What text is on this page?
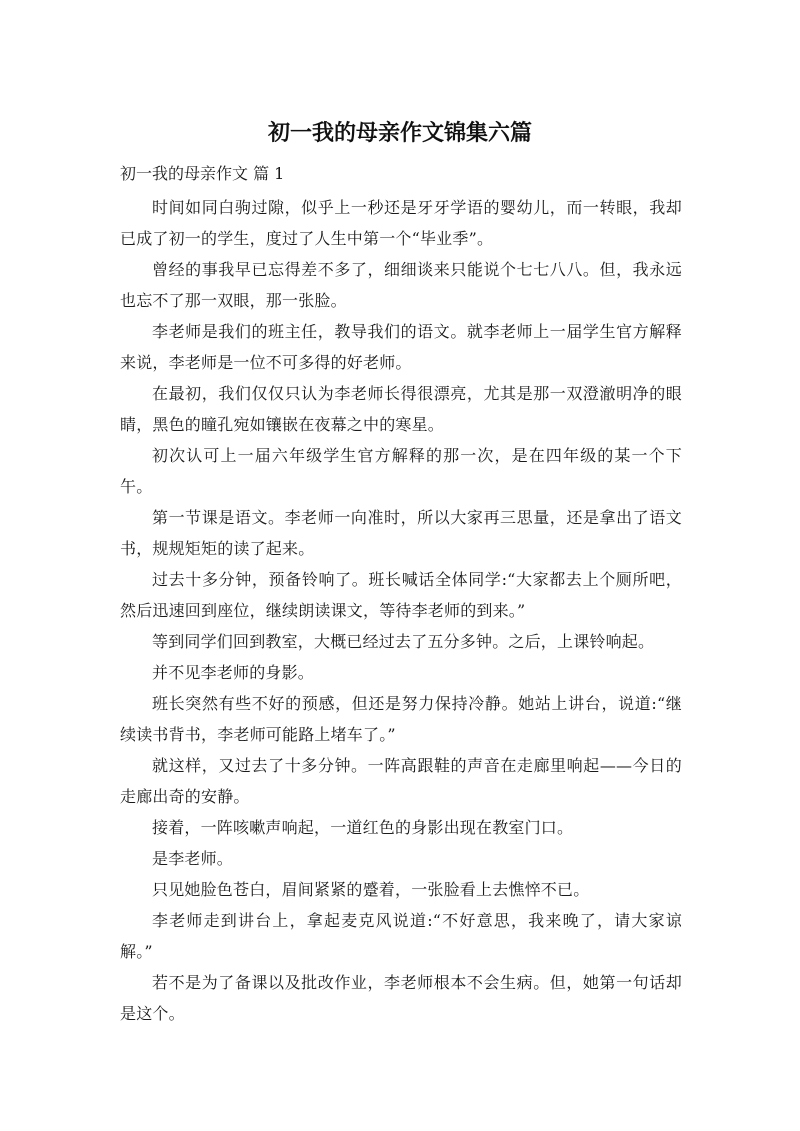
初一我的母亲作文锦集六篇
初一我的母亲作文 篇 1

时间如同白驹过隙，似乎上一秒还是牙牙学语的婴幼儿，而一转眼，我却已成了初一的学生，度过了人生中第一个“毕业季”。

曾经的事我早已忘得差不多了，细细谈来只能说个七七八八。但，我永远也忘不了那一双眼，那一张脸。

李老师是我们的班主任，教导我们的语文。就李老师上一届学生官方解释来说，李老师是一位不可多得的好老师。

在最初，我们仅仅只认为李老师长得很漂亮，尤其是那一双澄澈明净的眼睛，黑色的瞳孔宛如镶嵌在夜幕之中的寒星。

初次认可上一届六年级学生官方解释的那一次，是在四年级的某一个下午。

第一节课是语文。李老师一向准时，所以大家再三思量，还是拿出了语文书，规规矩矩的读了起来。

过去十多分钟，预备铃响了。班长喊话全体同学:“大家都去上个厕所吧，然后迅速回到座位，继续朗读课文，等待李老师的到来。”

等到同学们回到教室，大概已经过去了五分多钟。之后，上课铃响起。

并不见李老师的身影。

班长突然有些不好的预感，但还是努力保持冷静。她站上讲台，说道:“继续读书背书，李老师可能路上堵车了。”

就这样，又过去了十多分钟。一阵高跟鞋的声音在走廊里响起——今日的走廊出奇的安静。

接着，一阵咳嗽声响起，一道红色的身影出现在教室门口。

是李老师。

只见她脸色苍白，眉间紧紧的蹙着，一张脸看上去憔悴不已。

李老师走到讲台上，拿起麦克风说道:“不好意思，我来晚了，请大家谅解。”

若不是为了备课以及批改作业，李老师根本不会生病。但，她第一句话却是这个。
